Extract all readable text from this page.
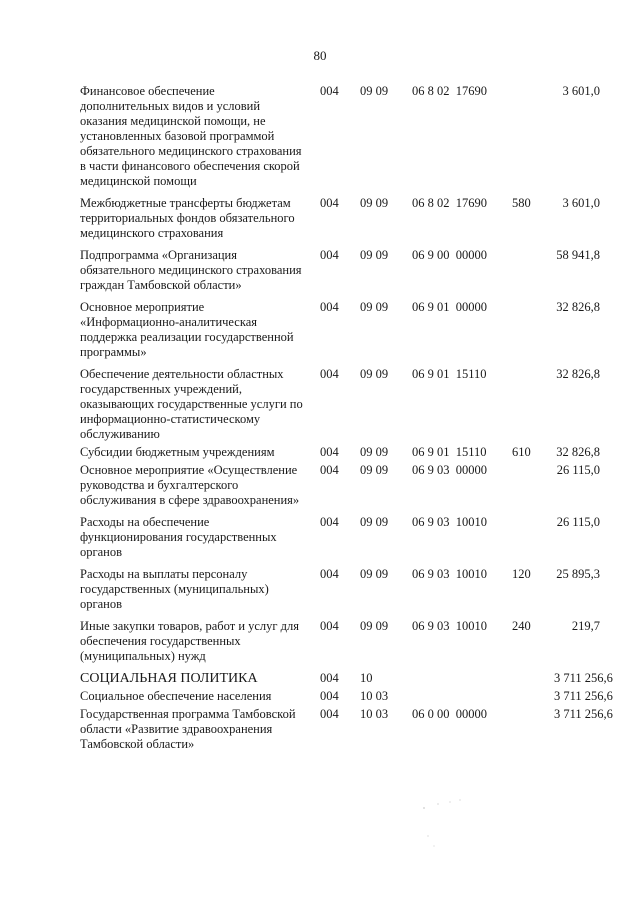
80
Финансовое обеспечение дополнительных видов и условий оказания медицинской помощи, не установленных базовой программой обязательного медицинского страхования в части финансового обеспечения скорой медицинской помощи	004	09 09	06 8 02  17690		3 601,0

Межбюджетные трансферты бюджетам территориальных фондов обязательного медицинского страхования	004	09 09	06 8 02  17690	580	3 601,0

Подпрограмма «Организация обязательного медицинского страхования граждан Тамбовской области»	004	09 09	06 9 00  00000		58 941,8

Основное мероприятие «Информационно-аналитическая поддержка реализации государственной программы»	004	09 09	06 9 01  00000		32 826,8

Обеспечение деятельности областных государственных учреждений, оказывающих государственные услуги по информационно-статистическому обслуживанию	004	09 09	06 9 01  15110		32 826,8

Субсидии бюджетным учреждениям	004	09 09	06 9 01  15110	610	32 826,8

Основное мероприятие «Осуществление руководства и бухгалтерского обслуживания в сфере здравоохранения»	004	09 09	06 9 03  00000		26 115,0

Расходы на обеспечение функционирования государственных органов	004	09 09	06 9 03  10010		26 115,0

Расходы на выплаты персоналу государственных (муниципальных) органов	004	09 09	06 9 03  10010	120	25 895,3

Иные закупки товаров, работ и услуг для обеспечения государственных (муниципальных) нужд	004	09 09	06 9 03  10010	240	219,7

СОЦИАЛЬНАЯ ПОЛИТИКА	004	10			3 711 256,6

Социальное обеспечение населения	004	10 03			3 711 256,6

Государственная программа Тамбовской области «Развитие здравоохранения Тамбовской области»	004	10 03	06 0 00  00000		3 711 256,6
